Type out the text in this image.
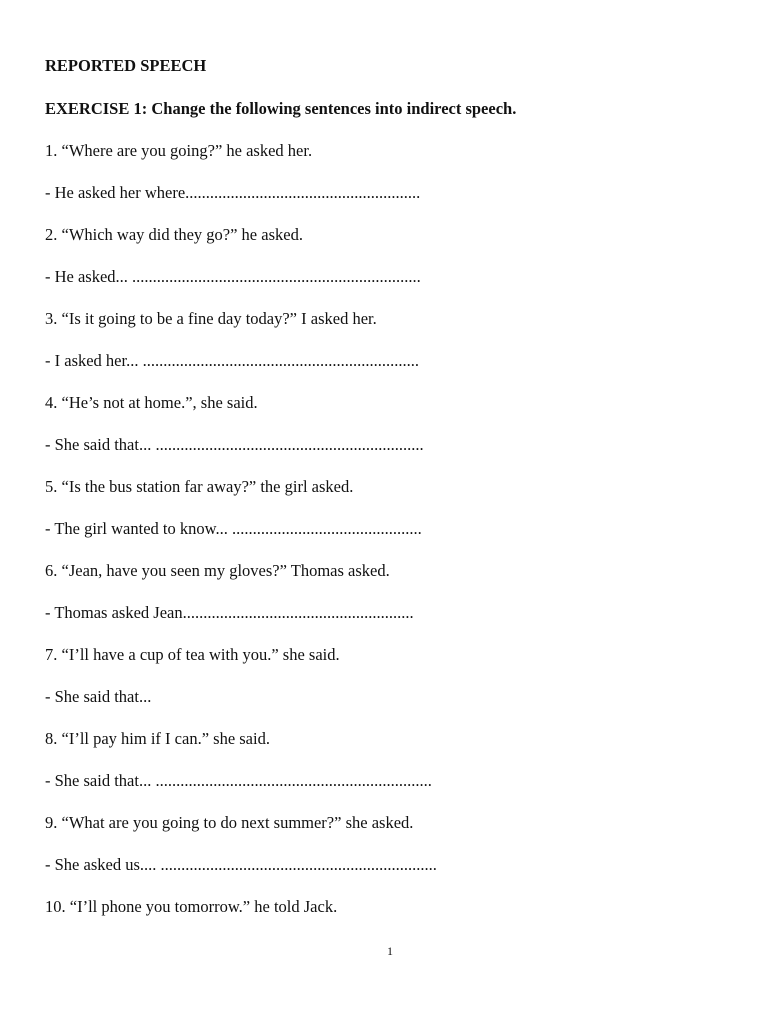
REPORTED SPEECH

EXERCISE 1: Change the following sentences into indirect speech.

1. “Where are you going?” he asked her.

- He asked her where.........................................................

2. “Which way did they go?” he asked.

- He asked... ......................................................................

3. “Is it going to be a fine day today?” I asked her.

- I asked her... ...................................................................

4. “He’s not at home.”, she said.

- She said that... .................................................................

5. “Is the bus station far away?” the girl asked.

- The girl wanted to know... ..............................................

6. “Jean, have you seen my gloves?” Thomas asked.

- Thomas asked Jean........................................................

7. “I’ll have a cup of tea with you.” she said.

- She said that...

8. “I’ll pay him if I can.” she said.

- She said that... ...................................................................

9. “What are you going to do next summer?” she asked.

- She asked us.... ...................................................................

10. “I’ll phone you tomorrow.” he told Jack.

1
